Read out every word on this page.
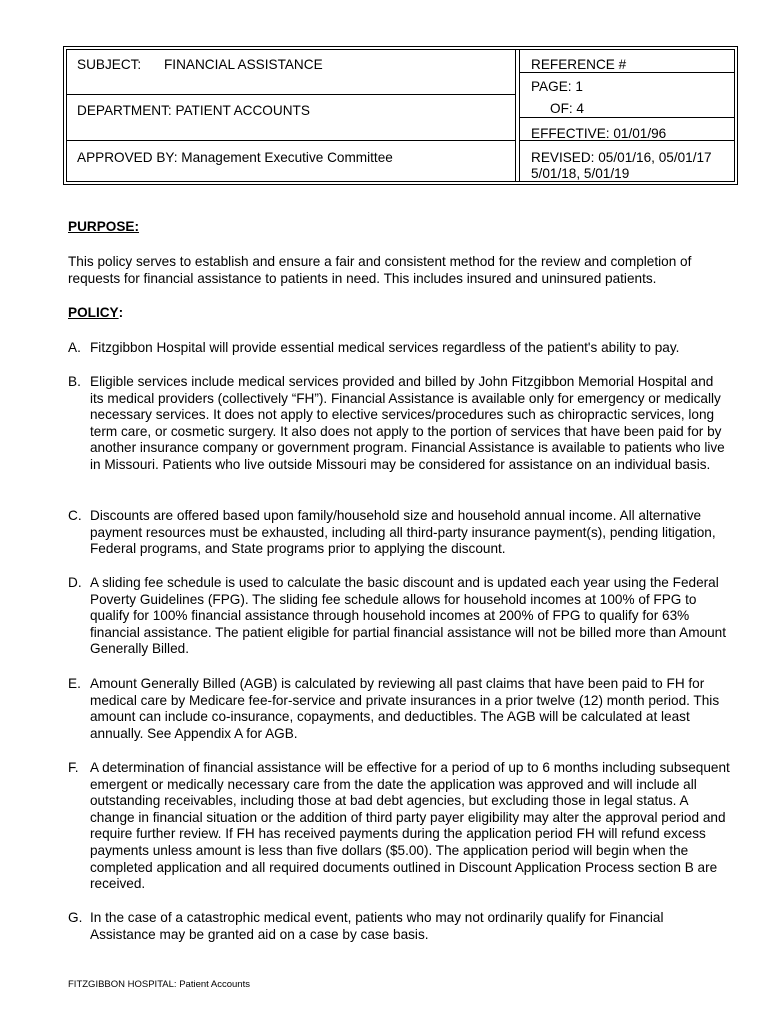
SUBJECT: FINANCIAL ASSISTANCE
DEPARTMENT: PATIENT ACCOUNTS
APPROVED BY: Management Executive Committee
REFERENCE #
PAGE: 1
OF: 4
EFFECTIVE: 01/01/96
REVISED: 05/01/16, 05/01/17
5/01/18, 5/01/19
PURPOSE:
This policy serves to establish and ensure a fair and consistent method for the review and completion of requests for financial assistance to patients in need. This includes insured and uninsured patients.
POLICY:
A. Fitzgibbon Hospital will provide essential medical services regardless of the patient's ability to pay.
B. Eligible services include medical services provided and billed by John Fitzgibbon Memorial Hospital and its medical providers (collectively “FH”). Financial Assistance is available only for emergency or medically necessary services. It does not apply to elective services/procedures such as chiropractic services, long term care, or cosmetic surgery. It also does not apply to the portion of services that have been paid for by another insurance company or government program. Financial Assistance is available to patients who live in Missouri. Patients who live outside Missouri may be considered for assistance on an individual basis.
C. Discounts are offered based upon family/household size and household annual income. All alternative payment resources must be exhausted, including all third-party insurance payment(s), pending litigation, Federal programs, and State programs prior to applying the discount.
D. A sliding fee schedule is used to calculate the basic discount and is updated each year using the Federal Poverty Guidelines (FPG). The sliding fee schedule allows for household incomes at 100% of FPG to qualify for 100% financial assistance through household incomes at 200% of FPG to qualify for 63% financial assistance. The patient eligible for partial financial assistance will not be billed more than Amount Generally Billed.
E. Amount Generally Billed (AGB) is calculated by reviewing all past claims that have been paid to FH for medical care by Medicare fee-for-service and private insurances in a prior twelve (12) month period. This amount can include co-insurance, copayments, and deductibles. The AGB will be calculated at least annually. See Appendix A for AGB.
F. A determination of financial assistance will be effective for a period of up to 6 months including subsequent emergent or medically necessary care from the date the application was approved and will include all outstanding receivables, including those at bad debt agencies, but excluding those in legal status. A change in financial situation or the addition of third party payer eligibility may alter the approval period and require further review. If FH has received payments during the application period FH will refund excess payments unless amount is less than five dollars ($5.00). The application period will begin when the completed application and all required documents outlined in Discount Application Process section B are received.
G. In the case of a catastrophic medical event, patients who may not ordinarily qualify for Financial Assistance may be granted aid on a case by case basis.
FITZGIBBON HOSPITAL: Patient Accounts
